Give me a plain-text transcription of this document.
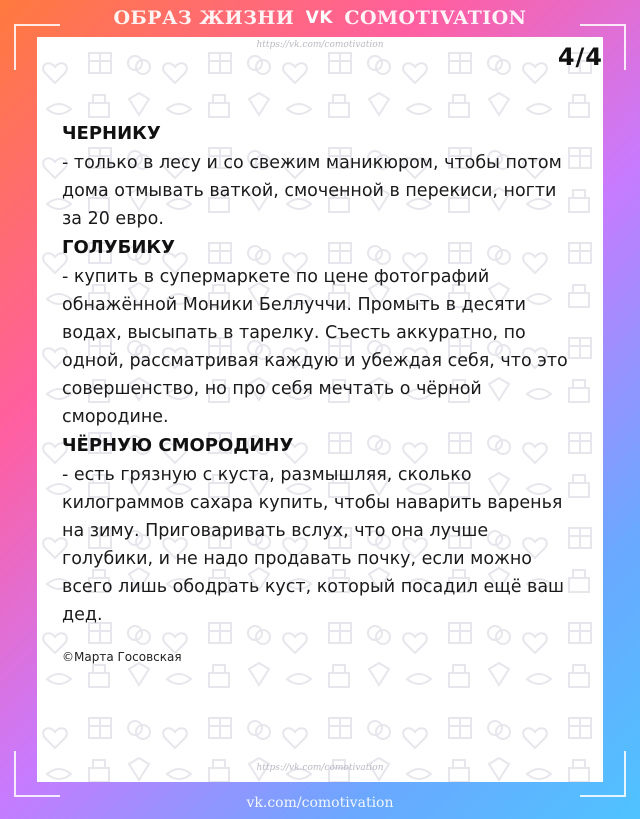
ОБРАЗ ЖИЗНИ VK COMOTIVATION
https://vk.com/comotivation	4/4
ЧЕРНИКУ
- только в лесу и со свежим маникюром, чтобы потом дома отмывать ваткой, смоченной в перекиси, ногти за 20 евро.
ГОЛУБИКУ
- купить в супермаркете по цене фотографий обнажённой Моники Беллуччи. Промыть в десяти водах, высыпать в тарелку. Съесть аккуратно, по одной, рассматривая каждую и убеждая себя, что это совершенство, но про себя мечтать о чёрной смородине.
ЧЁРНУЮ СМОРОДИНУ
- есть грязную с куста, размышляя, сколько килограммов сахара купить, чтобы наварить варенья на зиму. Приговаривать вслух, что она лучше голубики, и не надо продавать почку, если можно всего лишь ободрать куст, который посадил ещё ваш дед.
©Марта Госовская
https://vk.com/comotivation
vk.com/comotivation
